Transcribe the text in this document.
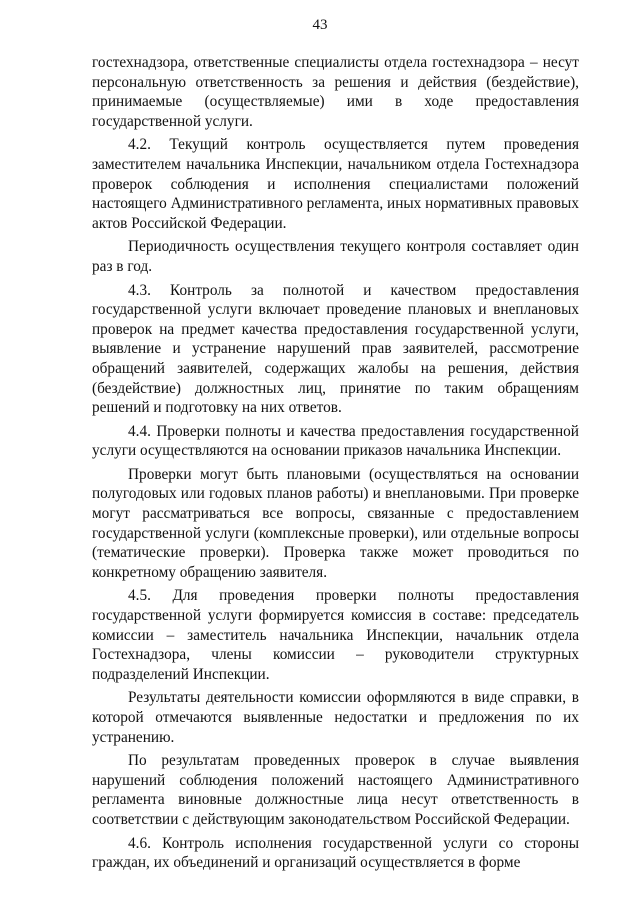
43

гостехнадзора, ответственные специалисты отдела гостехнадзора – несут персональную ответственность за решения и действия (бездействие), принимаемые (осуществляемые) ими в ходе предоставления государственной услуги.

4.2. Текущий контроль осуществляется путем проведения заместителем начальника Инспекции, начальником отдела Гостехнадзора проверок соблюдения и исполнения специалистами положений настоящего Административного регламента, иных нормативных правовых актов Российской Федерации.

Периодичность осуществления текущего контроля составляет один раз в год.

4.3. Контроль за полнотой и качеством предоставления государственной услуги включает проведение плановых и внеплановых проверок на предмет качества предоставления государственной услуги, выявление и устранение нарушений прав заявителей, рассмотрение обращений заявителей, содержащих жалобы на решения, действия (бездействие) должностных лиц, принятие по таким обращениям решений и подготовку на них ответов.

4.4. Проверки полноты и качества предоставления государственной услуги осуществляются на основании приказов начальника Инспекции.

Проверки могут быть плановыми (осуществляться на основании полугодовых или годовых планов работы) и внеплановыми. При проверке могут рассматриваться все вопросы, связанные с предоставлением государственной услуги (комплексные проверки), или отдельные вопросы (тематические проверки). Проверка также может проводиться по конкретному обращению заявителя.

4.5. Для проведения проверки полноты предоставления государственной услуги формируется комиссия в составе: председатель комиссии – заместитель начальника Инспекции, начальник отдела Гостехнадзора, члены комиссии – руководители структурных подразделений Инспекции.

Результаты деятельности комиссии оформляются в виде справки, в которой отмечаются выявленные недостатки и предложения по их устранению.

По результатам проведенных проверок в случае выявления нарушений соблюдения положений настоящего Административного регламента виновные должностные лица несут ответственность в соответствии с действующим законодательством Российской Федерации.

4.6. Контроль исполнения государственной услуги со стороны граждан, их объединений и организаций осуществляется в форме
